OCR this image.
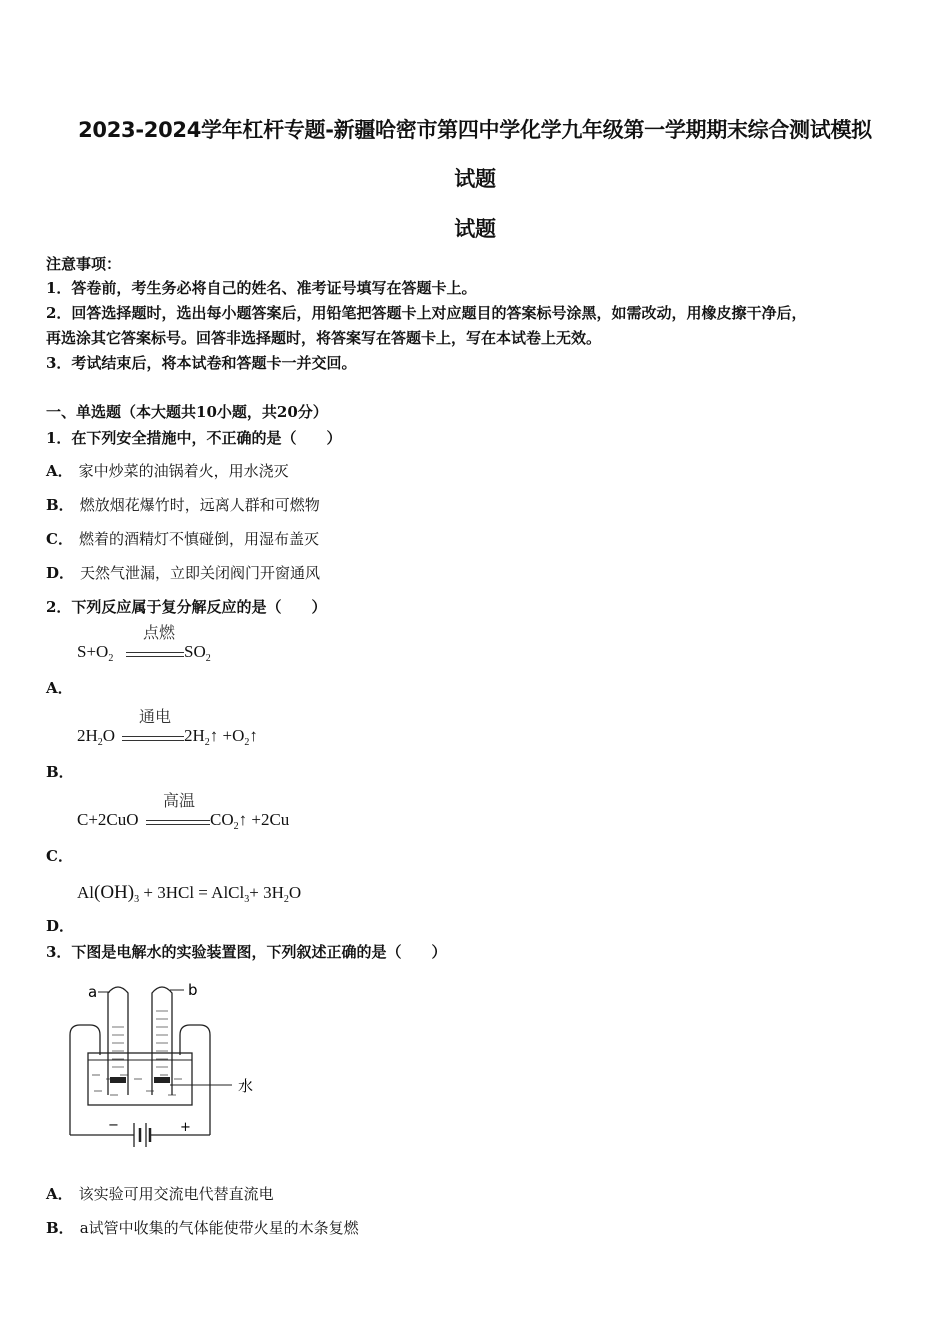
2023-2024学年杠杆专题-新疆哈密市第四中学化学九年级第一学期期末综合测试模拟
试题
试题
注意事项：
1．答卷前，考生务必将自己的姓名、准考证号填写在答题卡上。
2．回答选择题时，选出每小题答案后，用铅笔把答题卡上对应题目的答案标号涂黑，如需改动，用橡皮擦干净后，
再选涂其它答案标号。回答非选择题时，将答案写在答题卡上，写在本试卷上无效。
3．考试结束后，将本试卷和答题卡一并交回。
一、单选题（本大题共10小题，共20分）
1．在下列安全措施中，不正确的是（　　）
A． 家中炒菜的油锅着火，用水浇灭
B． 燃放烟花爆竹时，远离人群和可燃物
C． 燃着的酒精灯不慎碰倒，用湿布盖灭
D． 天然气泄漏，立即关闭阀门开窗通风
2．下列反应属于复分解反应的是（　　）
A．
$S+O_2$
点燃
$SO_2$
B．
$2H_2O$
通电
$2H_2↑$ $+O_2↑$
C．
C+2CuO
高温
$CO_2↑ +2Cu$
D．
$Al(OH)_3 + 3HCl$ = AlCl$_3$+ $3H_2O$
3．下图是电解水的实验装置图，下列叙述正确的是（　　）
a	b
水
−	+
A． 该实验可用交流电代替直流电
B． a试管中收集的气体能使带火星的木条复燃
